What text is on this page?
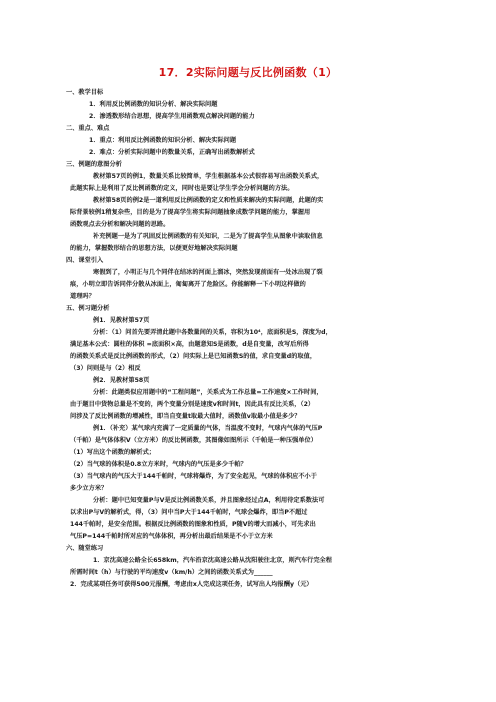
17．2实际问题与反比例函数（1）
一、教学目标
1．利用反比例函数的知识分析、解决实际问题
2．渗透数形结合思想，提高学生用函数观点解决问题的能力
二、重点、难点
1．重点：利用反比例函数的知识分析、解决实际问题
2．难点：分析实际问题中的数量关系，正确写出函数解析式
三、例题的意图分析
教材第57页的例1，数量关系比较简单，学生根据基本公式很容易写出函数关系式，
此题实际上是利用了反比例函数的定义，同时也是要让学生学会分析问题的方法。
教材第58页的例2是一道利用反比例函数的定义和性质来解决的实际问题，此题的实
际背景较例1稍复杂些，目的是为了提高学生将实际问题抽象成数学问题的能力，掌握用
函数观点去分析和解决问题的思路。
补充例题一是为了巩固反比例函数的有关知识，二是为了提高学生从图象中读取信息
的能力，掌握数形结合的思想方法，以便更好地解决实际问题
四、课堂引入
寒假到了，小明正与几个同伴在结冰的河面上溜冰，突然发现前面有一处冰出现了裂
痕，小明立即告诉同伴分散从冰面上，匍匐离开了危险区。你能解释一下小明这样做的
道理吗？
五、例习题分析
例1．见教材第57页
分析：（1）问首先要弄清此题中各数量间的关系，容积为10⁴，底面积是S，深度为d，
满足基本公式：圆柱的体积 =底面积×高，由题意知S是函数，d是自变量，改写后所得
的函数关系式是反比例函数的形式，（2）问实际上是已知函数S的值，求自变量d的取值，
（3）问则是与（2）相反
例2．见教材第58页
分析：此题类似应用题中的“工程问题”，关系式为工作总量=工作速度×工作时间，
由于题目中货物总量是不变的，两个变量分别是速度v和时间t，因此具有反比关系，（2）
问涉及了反比例函数的增减性，即当自变量t取最大值时，函数值v取最小值是多少？
例1．（补充）某气球内充满了一定质量的气体，当温度不变时，气球内气体的气压P
（千帕）是气体体积V（立方米）的反比例函数，其图像如图所示（千帕是一种压强单位）
（1）写出这个函数的解析式；
（2）当气球的体积是0.8立方米时，气球内的气压是多少千帕？
（3）当气球内的气压大于144千帕时，气球将爆炸，为了安全起见，气球的体积应不小于
多少立方米？
分析：题中已知变量P与V是反比例函数关系，并且图象经过点A，利用待定系数法可
以求出P与V的解析式，得，（3）问中当P大于144千帕时，气球会爆炸，即当P不超过
144千帕时，是安全范围。根据反比例函数的图象和性质，P随V的增大而减小，可先求出
气压P=144千帕时所对应的气体体积，再分析出最后结果是不小于立方米
六、随堂练习
1．京沈高速公路全长658km，汽车沿京沈高速公路从沈阳驶往北京，则汽车行完全程
所需时间t（h）与行驶的平均速度v（km/h）之间的函数关系式为______
2．完成某项任务可获得500元报酬，考虑由x人完成这项任务，试写出人均报酬y（元）
